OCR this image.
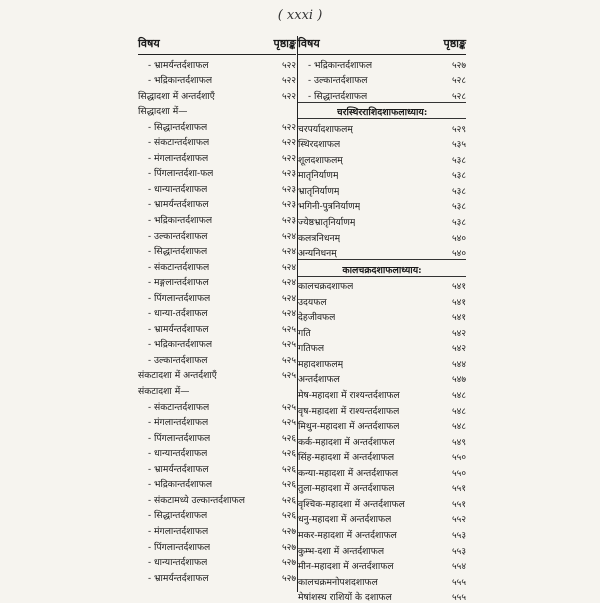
( xxxi )
विषय	पृष्ठाङ्क
- भ्रामर्यन्तर्दशाफल	५२२
- भद्रिकान्तर्दशाफल	५२२
सिद्धादशा में अन्तर्दशाएँ	५२२
सिद्धादशा में—
- सिद्धान्तर्दशाफल	५२२
- संकटान्तर्दशाफल	५२२
- मंगलान्तर्दशाफल	५२२
- पिंगलान्तर्दशा-फल	५२३
- धान्यान्तर्दशाफल	५२३
- भ्रामर्यन्तर्दशाफल	५२३
- भद्रिकान्तर्दशाफल	५२३
- उल्कान्तर्दशाफल	५२४
- सिद्धान्तर्दशाफल	५२४
- संकटान्तर्दशाफल	५२४
- मङ्गलान्तर्दशाफल	५२४
- पिंगलान्तर्दशाफल	५२४
- धान्या-तर्दशाफल	५२४
- भ्रामर्यन्तर्दशाफल	५२५
- भद्रिकान्तर्दशाफल	५२५
- उल्कान्तर्दशाफल	५२५
संकटादशा में अन्तर्दशाएँ	५२५
संकटादशा में—
- संकटान्तर्दशाफल	५२५
- मंगलान्तर्दशाफल	५२५
- पिंगलान्तर्दशाफल	५२६
- धान्यान्तर्दशाफल	५२६
- भ्रामर्यन्तर्दशाफल	५२६
- भद्रिकान्तर्दशाफल	५२६
- संकटामध्ये उल्कान्तर्दशाफल	५२६
- सिद्धान्तर्दशाफल	५२६
- मंगलान्तर्दशाफल	५२७
- पिंगलान्तर्दशाफल	५२७
- धान्यान्तर्दशाफल	५२७
- भ्रामर्यन्तर्दशाफल	५२७
विषय	पृष्ठाङ्क
- भद्रिकान्तर्दशाफल	५२७
- उल्कान्तर्दशाफल	५२८
- सिद्धान्तर्दशाफल	५२८
चरस्थिरराशिदशाफलाध्याय:
चरपर्यादशाफलम्	५२९
स्थिरदशाफल	५३५
शूलदशाफलम्	५३८
मातृनिर्याणम्	५३८
भ्रातृनिर्याणम्	५३८
भगिनी-पुत्रनिर्याणम्	५३८
ज्येष्ठभ्रातृनिर्याणम्	५३८
कलत्रनिधनम्	५४०
अन्यनिधनम्	५४०
कालचक्रदशाफलाध्याय:
कालचक्रदशाफल	५४१
उदयफल	५४१
देहजीवफल	५४१
गति	५४२
गतिफल	५४२
महादशाफलम्	५४४
अन्तर्दशाफल	५४७
मेष-महादशा में राश्यन्तर्दशाफल	५४८
वृष-महादशा में राश्यन्तर्दशाफल	५४८
मिथुन-महादशा में अन्तर्दशाफल	५४८
कर्क-महादशा में अन्तर्दशाफल	५४९
सिंह-महादशा में अन्तर्दशाफल	५५०
कन्या-महादशा में अन्तर्दशाफल	५५०
तुला-महादशा में अन्तर्दशाफल	५५१
वृश्चिक-महादशा में अन्तर्दशाफल	५५१
धनु-महादशा में अन्तर्दशाफल	५५२
मकर-महादशा में अन्तर्दशाफल	५५३
कुम्भ-दशा में अन्तर्दशाफल	५५३
मीन-महादशा में अन्तर्दशाफल	५५४
कालचक्रमनोपशदशाफल	५५५
मेषांशस्थ राशियों के दशाफल	५५५
